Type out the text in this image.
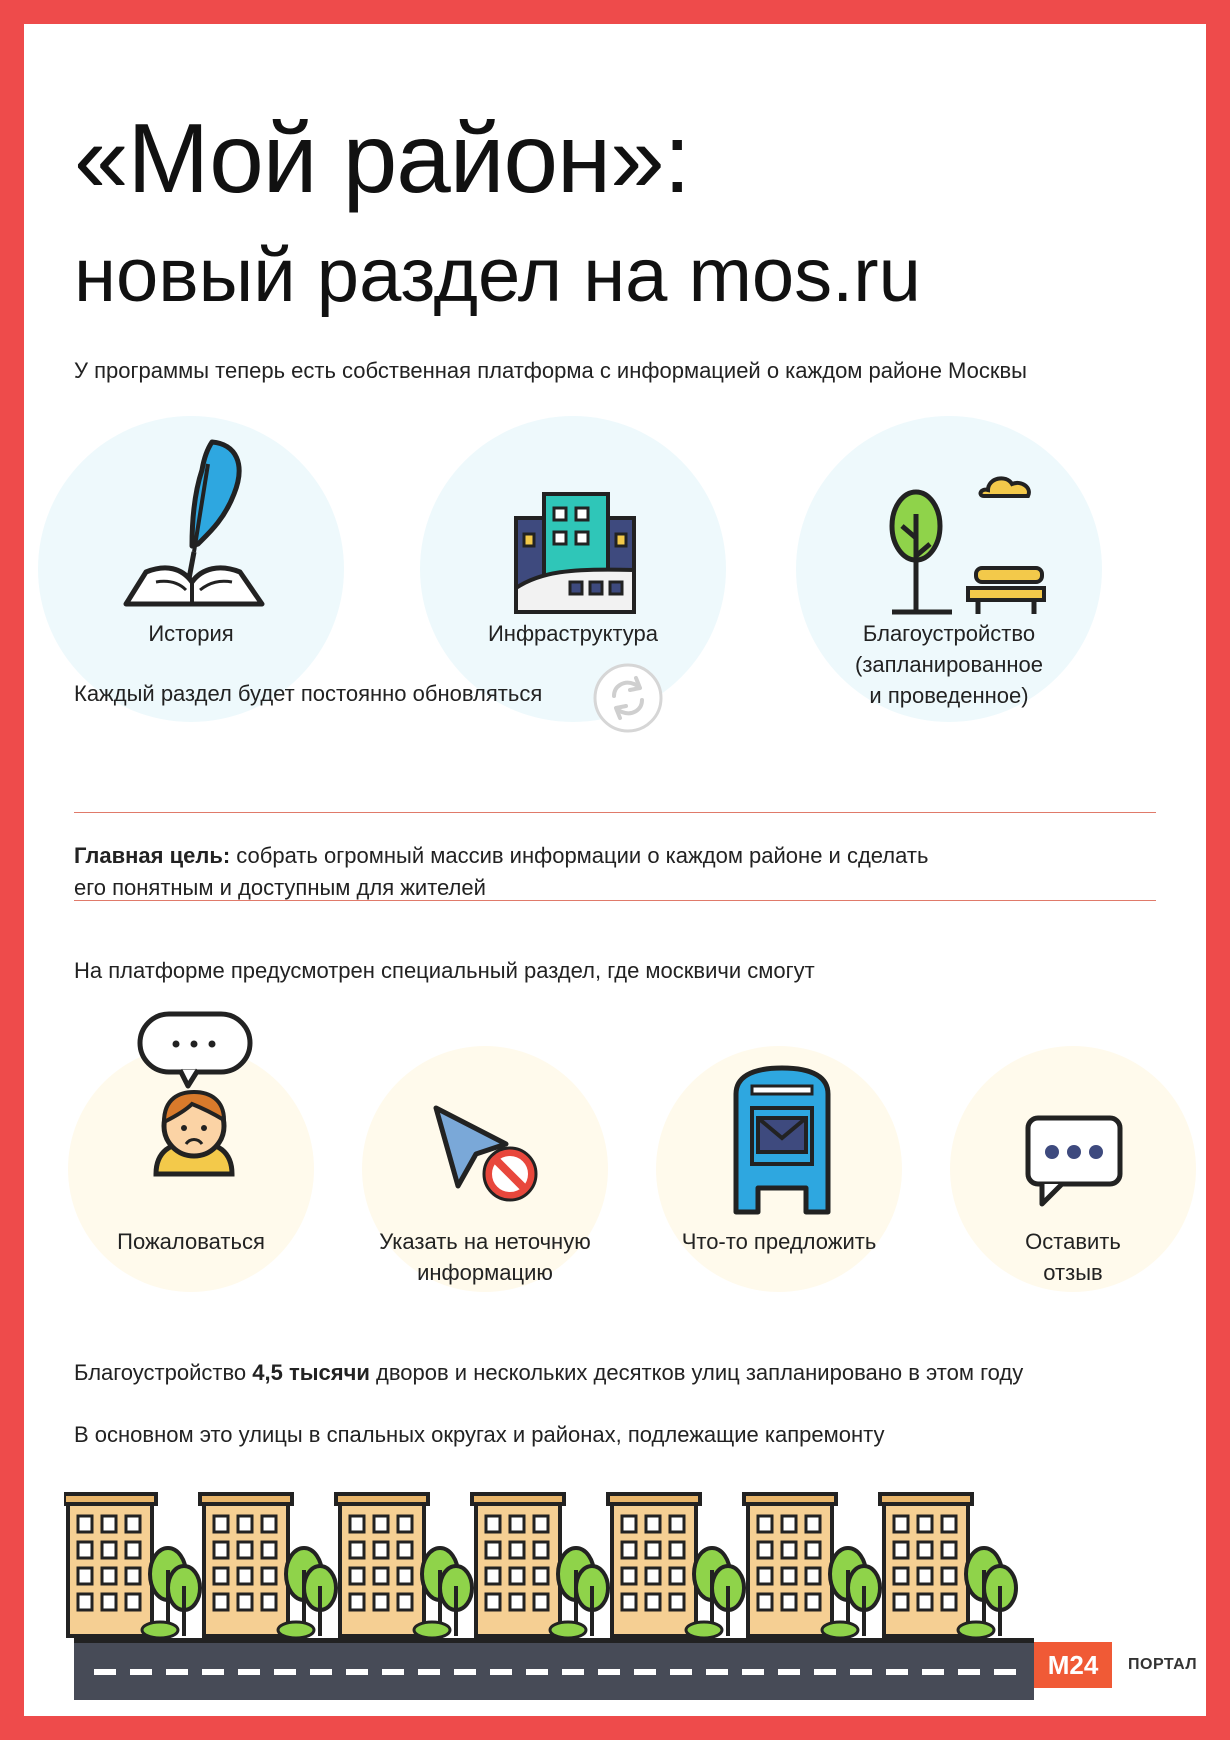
«Мой район»:
новый раздел на mos.ru
У программы теперь есть собственная платформа с информацией о каждом районе Москвы
История	Инфраструктура	Благоустройство
(запланированное
и проведенное)
Каждый раздел будет постоянно обновляться
Главная цель: собрать огромный массив информации о каждом районе и сделать
его понятным и доступным для жителей
На платформе предусмотрен специальный раздел, где москвичи смогут
Пожаловаться	Указать на неточную
информацию
Что-то предложить	Оставить
отзыв
Благоустройство 4,5 тысячи дворов и нескольких десятков улиц запланировано в этом году
В основном это улицы в спальных округах и районах, подлежащие капремонту
M24	ПОРТАЛ
